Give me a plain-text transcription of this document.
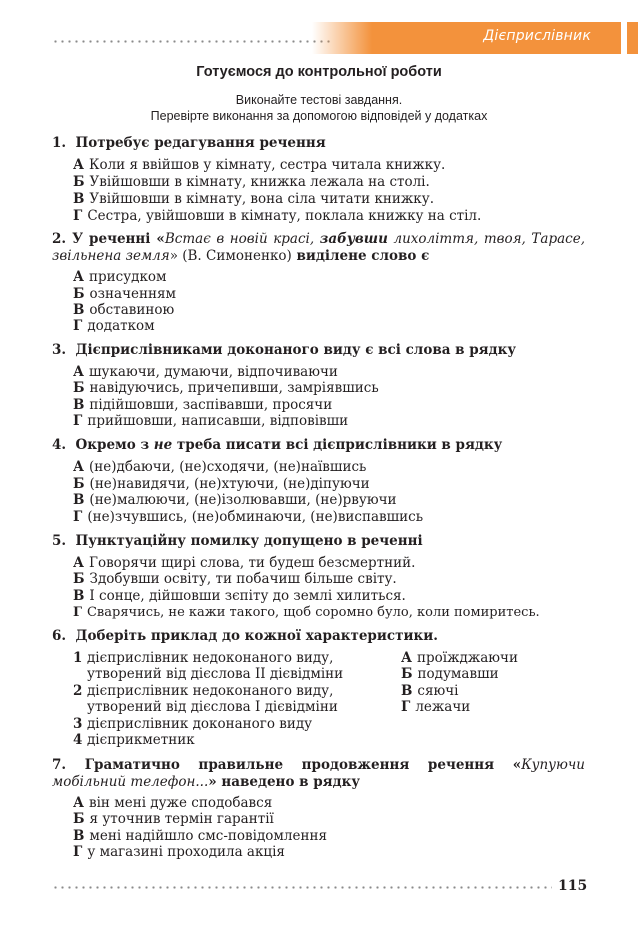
Дієприслівник
Готуємося до контрольної роботи
Виконайте тестові завдання.
Перевірте виконання за допомогою відповідей у додатках
1. Потребує редагування речення
А Коли я ввійшов у кімнату, сестра читала книжку.
Б Увійшовши в кімнату, книжка лежала на столі.
В Увійшовши в кімнату, вона сіла читати книжку.
Г Сестра, увійшовши в кімнату, поклала книжку на стіл.
2. У реченні «Встає в новій красі, забувши лихоліття, твоя, Тарасе, звільнена земля» (В. Симоненко) виділене слово є
А присудком
Б означенням
В обставиною
Г додатком
3. Дієприслівниками доконаного виду є всі слова в рядку
А шукаючи, думаючи, відпочиваючи
Б навідуючись, причепивши, замріявшись
В підійшовши, заспівавши, просячи
Г прийшовши, написавши, відповівши
4. Окремо з не треба писати всі дієприслівники в рядку
А (не)дбаючи, (не)сходячи, (не)наївшись
Б (не)навидячи, (не)хтуючи, (не)діпуючи
В (не)малюючи, (не)ізолювавши, (не)рвуючи
Г (не)зчувшись, (не)обминаючи, (не)виспавшись
5. Пунктуаційну помилку допущено в реченні
А Говорячи щирі слова, ти будеш безсмертний.
Б Здобувши освіту, ти побачиш більше світу.
В І сонце, дійшовши зєпіту до землі хилиться.
Г Сварячись, не кажи такого, щоб соромно було, коли помиритесь.
6. Доберіть приклад до кожної характеристики.
1 дієприслівник недоконаного виду,
утворений від дієслова II дієвідміни
2 дієприслівник недоконаного виду,
утворений від дієслова I дієвідміни
3 дієприслівник доконаного виду
4 дієприкметник
А проїжджаючи
Б подумавши
В сяючі
Г лежачи
7. Граматично правильне продовження речення «Купуючи мобільний телефон...» наведено в рядку
А він мені дуже сподобався
Б я уточнив термін гарантії
В мені надійшло смс-повідомлення
Г у магазині проходила акція
115
